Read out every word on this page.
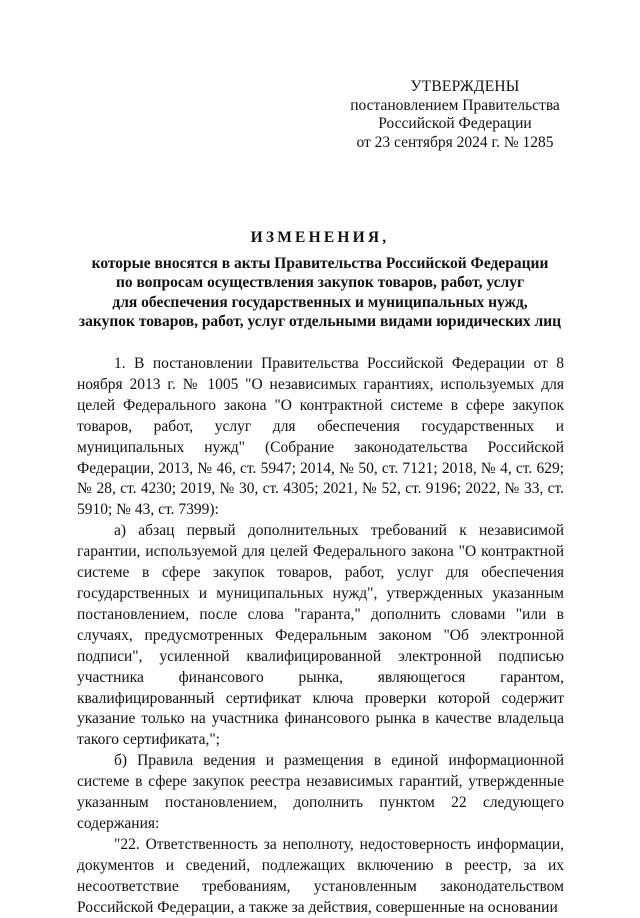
УТВЕРЖДЕНЫ
постановлением Правительства
Российской Федерации
от 23 сентября 2024 г. № 1285
ИЗМЕНЕНИЯ,
которые вносятся в акты Правительства Российской Федерации
по вопросам осуществления закупок товаров, работ, услуг
для обеспечения государственных и муниципальных нужд,
закупок товаров, работ, услуг отдельными видами юридических лиц

1. В постановлении Правительства Российской Федерации от 8 ноября 2013 г. № 1005 "О независимых гарантиях, используемых для целей Федерального закона "О контрактной системе в сфере закупок товаров, работ, услуг для обеспечения государственных и муниципальных нужд" (Собрание законодательства Российской Федерации, 2013, № 46, ст. 5947; 2014, № 50, ст. 7121; 2018, № 4, ст. 629; № 28, ст. 4230; 2019, № 30, ст. 4305; 2021, № 52, ст. 9196; 2022, № 33, ст. 5910; № 43, ст. 7399):

а) абзац первый дополнительных требований к независимой гарантии, используемой для целей Федерального закона "О контрактной системе в сфере закупок товаров, работ, услуг для обеспечения государственных и муниципальных нужд", утвержденных указанным постановлением, после слова "гаранта," дополнить словами "или в случаях, предусмотренных Федеральным законом "Об электронной подписи", усиленной квалифицированной электронной подписью участника финансового рынка, являющегося гарантом, квалифицированный сертификат ключа проверки которой содержит указание только на участника финансового рынка в качестве владельца такого сертификата,";

б) Правила ведения и размещения в единой информационной системе в сфере закупок реестра независимых гарантий, утвержденные указанным постановлением, дополнить пунктом 22 следующего содержания:

"22. Ответственность за неполноту, недостоверность информации, документов и сведений, подлежащих включению в реестр, за их несоответствие требованиям, установленным законодательством Российской Федерации, а также за действия, совершенные на основании
